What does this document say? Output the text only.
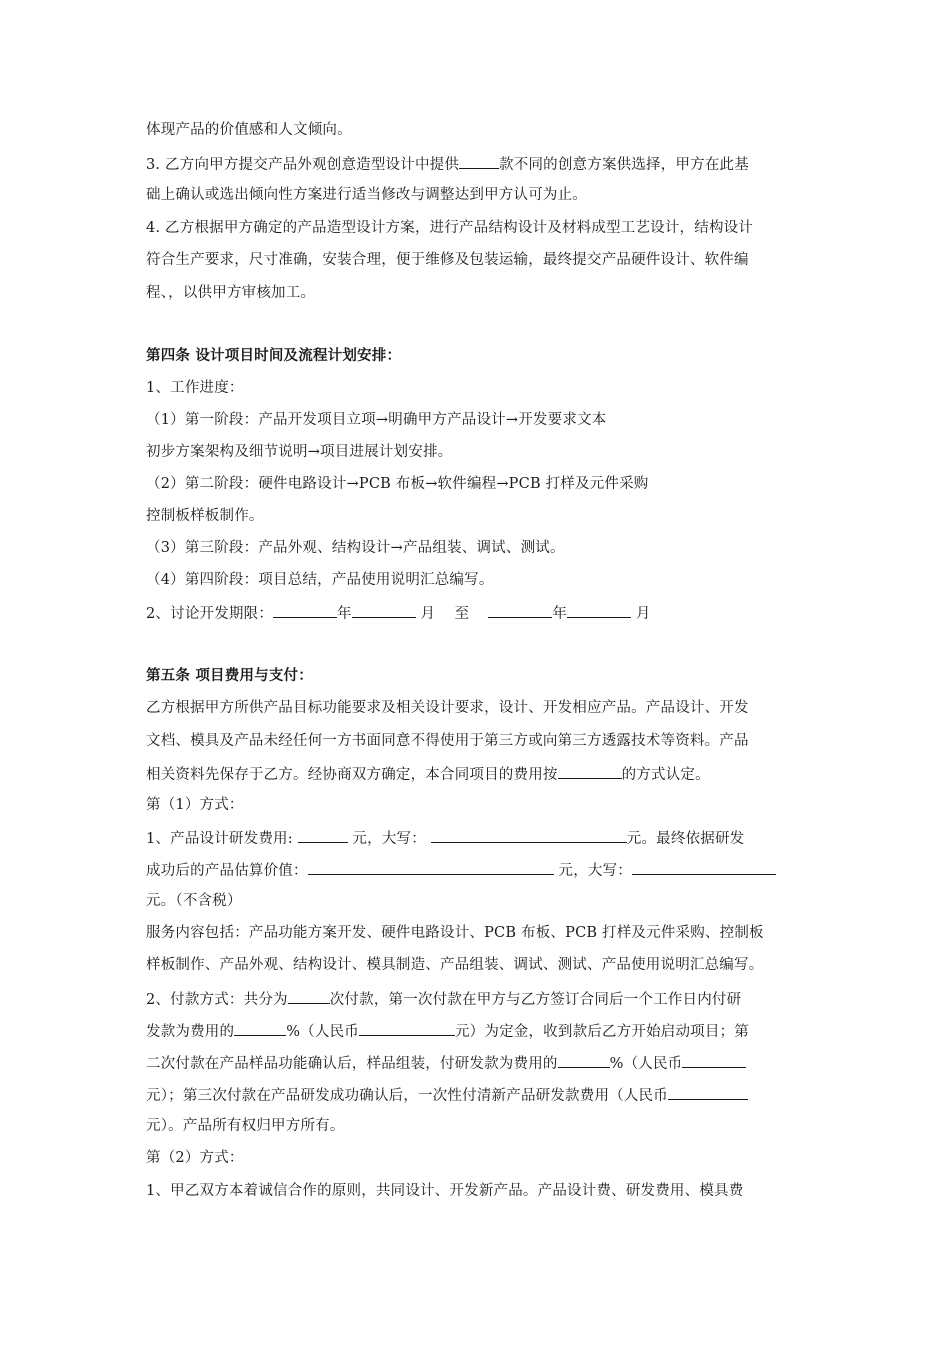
体现产品的价值感和人文倾向。
3. 乙方向甲方提交产品外观创意造型设计中提供	款不同的创意方案供选择，甲方在此基
础上确认或选出倾向性方案进行适当修改与调整达到甲方认可为止。
4. 乙方根据甲方确定的产品造型设计方案，进行产品结构设计及材料成型工艺设计，结构设计
符合生产要求，尺寸准确，安装合理，便于维修及包装运输，最终提交产品硬件设计、软件编
程、，以供甲方审核加工。
第四条 设计项目时间及流程计划安排：
1、工作进度：
（1）第一阶段：产品开发项目立项→明确甲方产品设计→开发要求文本
初步方案架构及细节说明→项目进展计划安排。
（2）第二阶段：硬件电路设计→PCB 布板→软件编程→PCB 打样及元件采购
控制板样板制作。
（3）第三阶段：产品外观、结构设计→产品组装、调试、测试。
（4）第四阶段：项目总结，产品使用说明汇总编写。
2、讨论开发期限：	年	月    至	年	月
第五条 项目费用与支付：
乙方根据甲方所供产品目标功能要求及相关设计要求，设计、开发相应产品。产品设计、开发
文档、模具及产品未经任何一方书面同意不得使用于第三方或向第三方透露技术等资料。产品
相关资料先保存于乙方。经协商双方确定，本合同项目的费用按	的方式认定。
第（1）方式：
1、产品设计研发费用:	元，大写：	元。最终依据研发
成功后的产品估算价值：	元，大写：
元。（不含税）
服务内容包括：产品功能方案开发、硬件电路设计、PCB 布板、PCB 打样及元件采购、控制板
样板制作、产品外观、结构设计、模具制造、产品组装、调试、测试、产品使用说明汇总编写。
2、付款方式：共分为	次付款，第一次付款在甲方与乙方签订合同后一个工作日内付研
发款为费用的	%（人民币	元）为定金，收到款后乙方开始启动项目；第
二次付款在产品样品功能确认后，样品组装，付研发款为费用的	%（人民币
元）；第三次付款在产品研发成功确认后，一次性付清新产品研发款费用（人民币
元）。产品所有权归甲方所有。
第（2）方式：
1、甲乙双方本着诚信合作的原则，共同设计、开发新产品。产品设计费、研发费用、模具费
